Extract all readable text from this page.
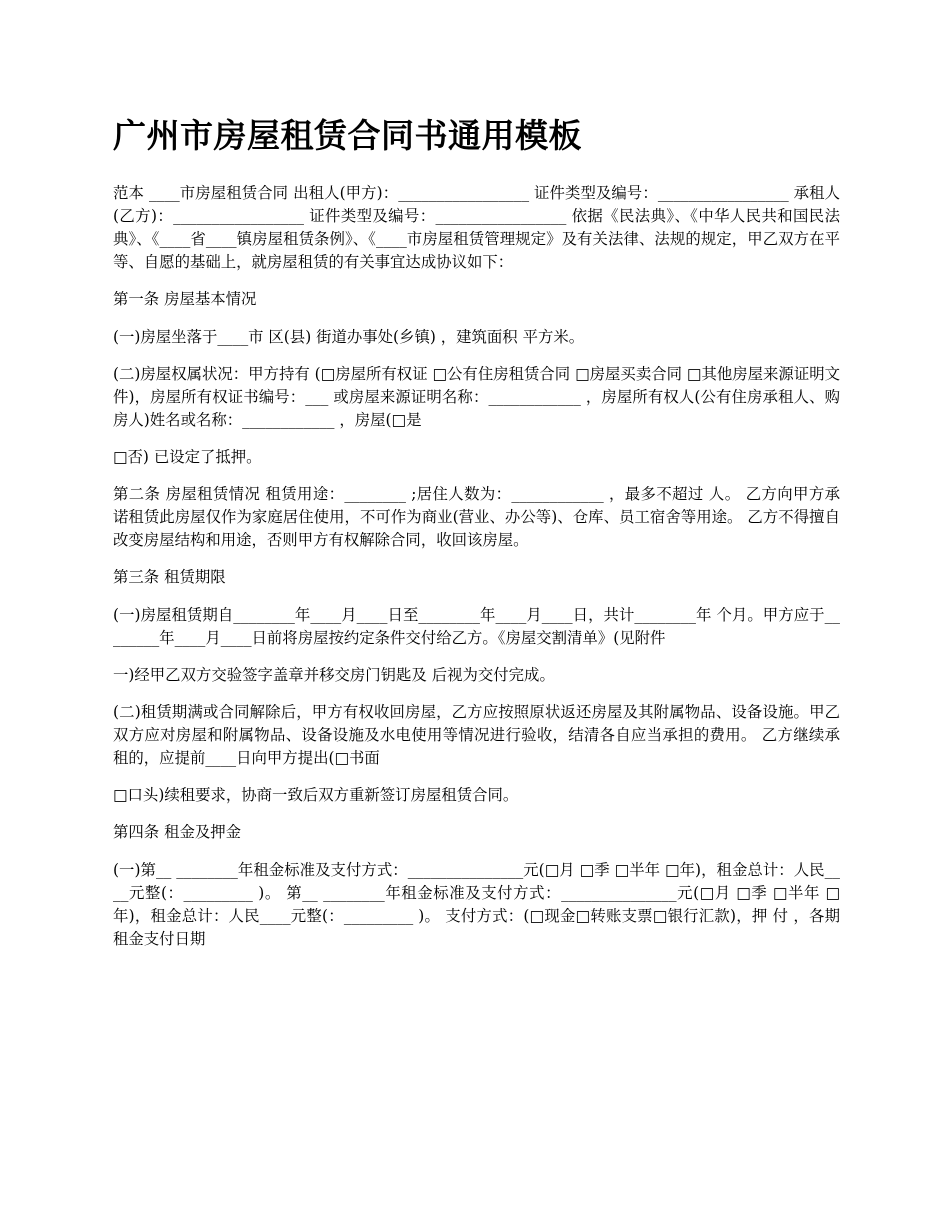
广州市房屋租赁合同书通用模板

范本 ____市房屋租赁合同 出租人(甲方)：_________________ 证件类型及编号：_________________ 承租人(乙方)：_________________ 证件类型及编号：_________________ 依据《民法典》、《中华人民共和国民法典》、《____省____镇房屋租赁条例》、《____市房屋租赁管理规定》及有关法律、法规的规定，甲乙双方在平等、自愿的基础上，就房屋租赁的有关事宜达成协议如下：

第一条 房屋基本情况

(一)房屋坐落于____市 区(县) 街道办事处(乡镇) ，建筑面积 平方米。

(二)房屋权属状况：甲方持有 (□房屋所有权证 □公有住房租赁合同 □房屋买卖合同 □其他房屋来源证明文件)，房屋所有权证书编号：___ 或房屋来源证明名称：____________ ，房屋所有权人(公有住房承租人、购房人)姓名或名称：____________ ，房屋(□是

□否) 已设定了抵押。

第二条 房屋租赁情况 租赁用途：________ ;居住人数为：____________ ，最多不超过 人。 乙方向甲方承诺租赁此房屋仅作为家庭居住使用，不可作为商业(营业、办公等)、仓库、员工宿舍等用途。 乙方不得擅自改变房屋结构和用途，否则甲方有权解除合同，收回该房屋。

第三条 租赁期限

(一)房屋租赁期自________年____月____日至________年____月____日，共计________年 个月。甲方应于________年____月____日前将房屋按约定条件交付给乙方。《房屋交割清单》(见附件

一)经甲乙双方交验签字盖章并移交房门钥匙及 后视为交付完成。

(二)租赁期满或合同解除后，甲方有权收回房屋，乙方应按照原状返还房屋及其附属物品、设备设施。甲乙双方应对房屋和附属物品、设备设施及水电使用等情况进行验收，结清各自应当承担的费用。 乙方继续承租的，应提前____日向甲方提出(□书面

□口头)续租要求，协商一致后双方重新签订房屋租赁合同。

第四条 租金及押金

(一)第__ ________年租金标准及支付方式：_______________元(□月 □季 □半年 □年)，租金总计：人民____元整(：_________ )。 第__ ________年租金标准及支付方式：_______________元(□月 □季 □半年 □年)，租金总计：人民____元整(：_________ )。 支付方式：(□现金□转账支票□银行汇款)，押 付 ，各期租金支付日期
